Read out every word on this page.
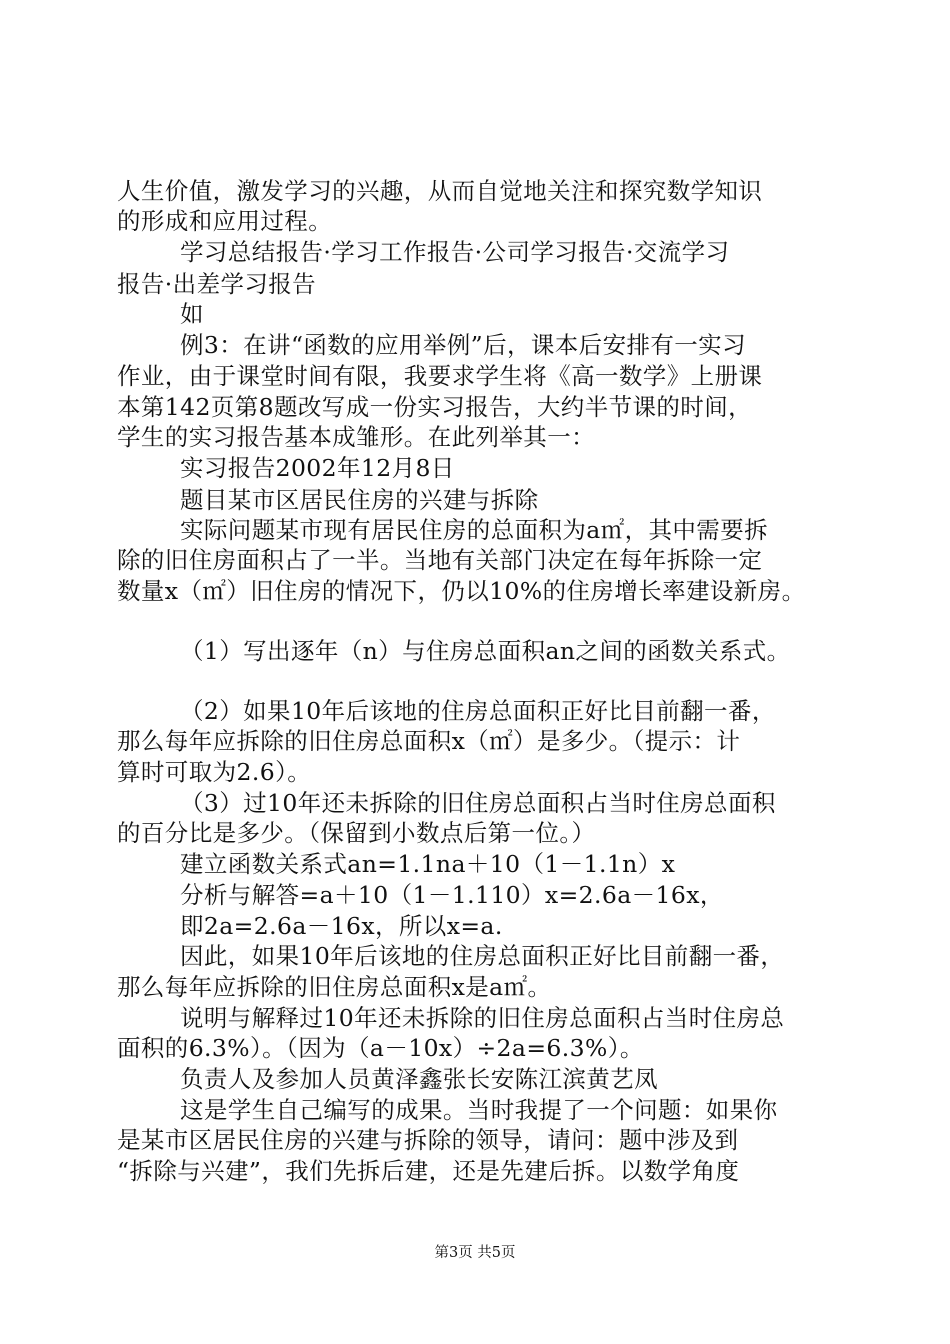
人生价值，激发学习的兴趣，从而自觉地关注和探究数学知识
的形成和应用过程。
学习总结报告·学习工作报告·公司学习报告·交流学习
报告·出差学习报告
如
例3：在讲“函数的应用举例”后，课本后安排有一实习
作业，由于课堂时间有限，我要求学生将《高一数学》上册课
本第142页第8题改写成一份实习报告，大约半节课的时间，
学生的实习报告基本成雏形。在此列举其一：
实习报告2002年12月8日
题目某市区居民住房的兴建与拆除
实际问题某市现有居民住房的总面积为a㎡，其中需要拆
除的旧住房面积占了一半。当地有关部门决定在每年拆除一定
数量x（㎡）旧住房的情况下，仍以10%的住房增长率建设新房。
（1）写出逐年（n）与住房总面积an之间的函数关系式。
（2）如果10年后该地的住房总面积正好比目前翻一番，
那么每年应拆除的旧住房总面积x（㎡）是多少。（提示：计
算时可取为2.6）。
（3）过10年还未拆除的旧住房总面积占当时住房总面积
的百分比是多少。（保留到小数点后第一位。）
建立函数关系式an=1.1na＋10（1－1.1n）x
分析与解答=a＋10（1－1.110）x=2.6a－16x，
即2a=2.6a－16x，所以x=a.
因此，如果10年后该地的住房总面积正好比目前翻一番，
那么每年应拆除的旧住房总面积x是a㎡。
说明与解释过10年还未拆除的旧住房总面积占当时住房总
面积的6.3%）。（因为（a－10x）÷2a=6.3%）。
负责人及参加人员黄泽鑫张长安陈江滨黄艺凤
这是学生自己编写的成果。当时我提了一个问题：如果你
是某市区居民住房的兴建与拆除的领导，请问：题中涉及到
“拆除与兴建”，我们先拆后建，还是先建后拆。以数学角度
第3页 共5页
